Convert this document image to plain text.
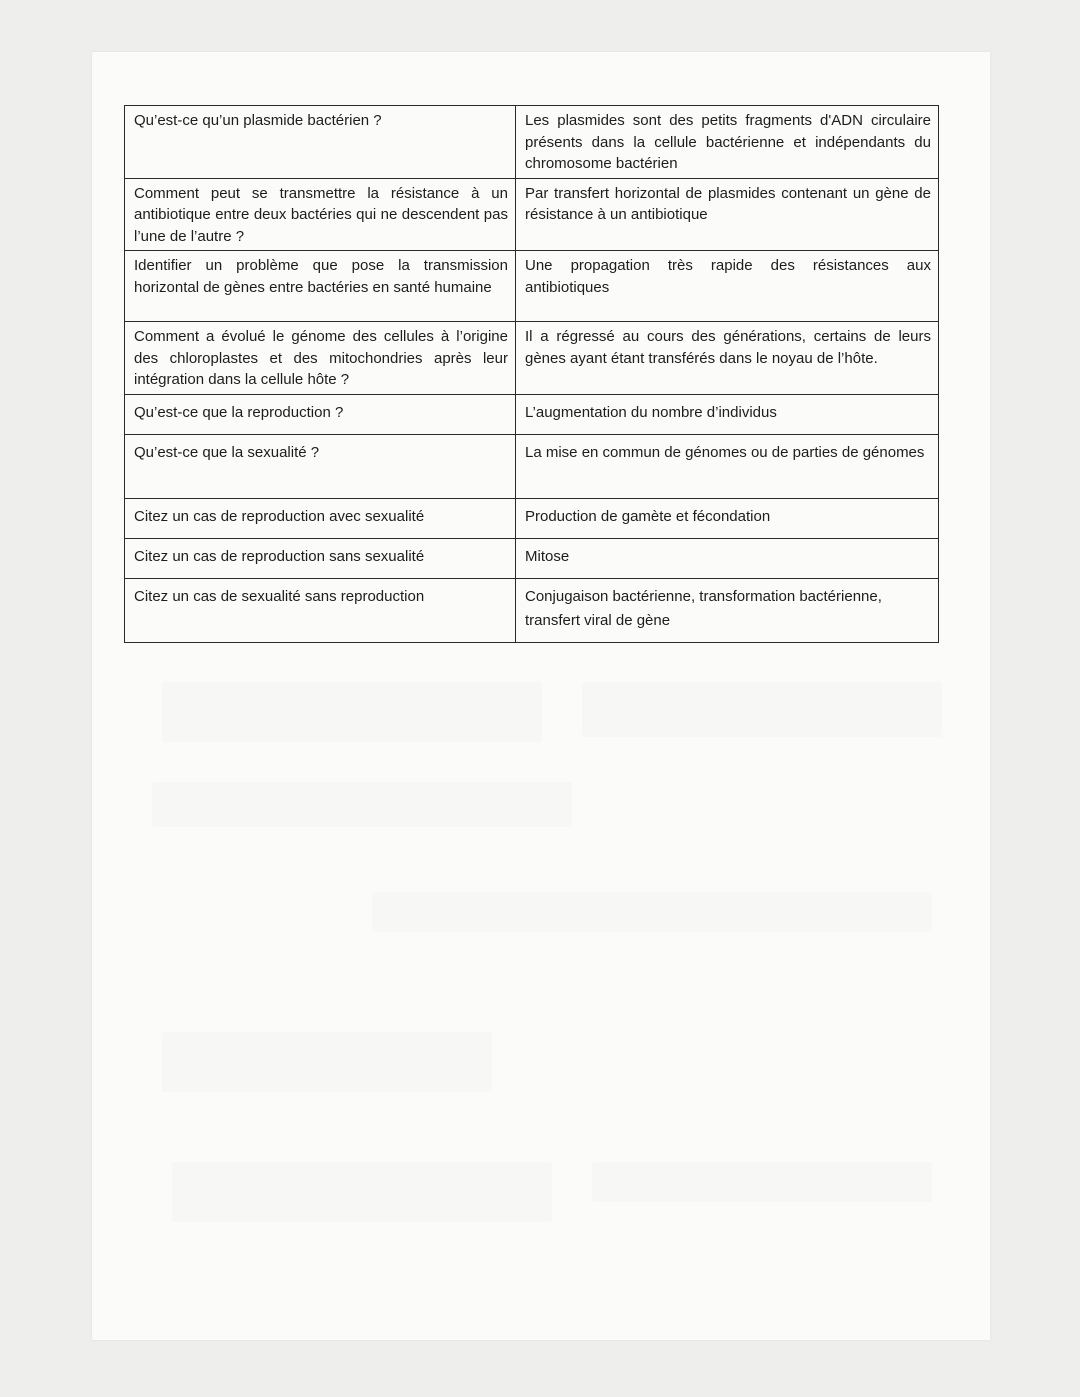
Qu’est-ce qu’un plasmide bactérien ?	Les plasmides sont des petits fragments d'ADN circulaire présents dans la cellule bactérienne et indépendants du chromosome bactérien
Comment peut se transmettre la résistance à un antibiotique entre deux bactéries qui ne descendent pas l’une de l’autre ?	Par transfert horizontal de plasmides contenant un gène de résistance à un antibiotique
Identifier un problème que pose la transmission horizontal de gènes entre bactéries en santé humaine	Une propagation très rapide des résistances aux antibiotiques
Comment a évolué le génome des cellules à l’origine des chloroplastes et des mitochondries après leur intégration dans la cellule hôte ?	Il a régressé au cours des générations, certains de leurs gènes ayant étant transférés dans le noyau de l’hôte.
Qu’est-ce que la reproduction ?	L’augmentation du nombre d’individus
Qu’est-ce que la sexualité ?	La mise en commun de génomes ou de parties de génomes
Citez un cas de reproduction avec sexualité	Production de gamète et fécondation
Citez un cas de reproduction sans sexualité	Mitose
Citez un cas de sexualité sans reproduction	Conjugaison bactérienne, transformation bactérienne, transfert viral de gène
